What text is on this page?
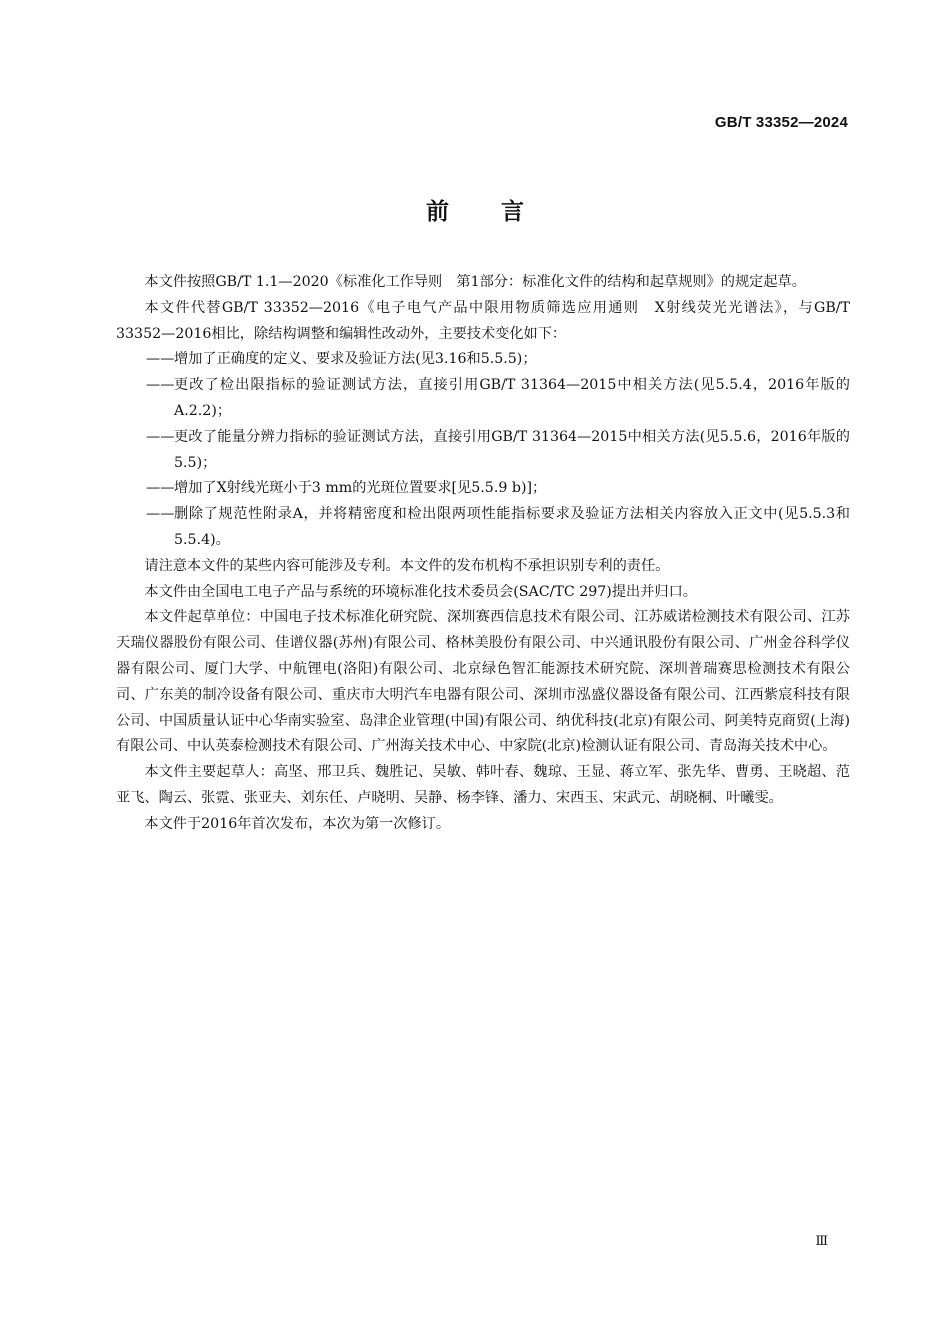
GB/T 33352—2024
前言

本文件按照GB/T 1.1—2020《标准化工作导则　第1部分：标准化文件的结构和起草规则》的规定起草。

本文件代替GB/T 33352—2016《电子电气产品中限用物质筛选应用通则　X射线荧光光谱法》，与GB/T 33352—2016相比，除结构调整和编辑性改动外，主要技术变化如下：

—— 增加了正确度的定义、要求及验证方法(见3.16和5.5.5)；

—— 更改了检出限指标的验证测试方法，直接引用GB/T 31364—2015中相关方法(见5.5.4，2016年版的A.2.2)；

—— 更改了能量分辨力指标的验证测试方法，直接引用GB/T 31364—2015中相关方法(见5.5.6，2016年版的5.5)；

—— 增加了X射线光斑小于3 mm的光斑位置要求[见5.5.9 b)]；

—— 删除了规范性附录A，并将精密度和检出限两项性能指标要求及验证方法相关内容放入正文中(见5.5.3和5.5.4)。

请注意本文件的某些内容可能涉及专利。本文件的发布机构不承担识别专利的责任。

本文件由全国电工电子产品与系统的环境标准化技术委员会(SAC/TC 297)提出并归口。

本文件起草单位：中国电子技术标准化研究院、深圳赛西信息技术有限公司、江苏威诺检测技术有限公司、江苏天瑞仪器股份有限公司、佳谱仪器(苏州)有限公司、格林美股份有限公司、中兴通讯股份有限公司、广州金谷科学仪器有限公司、厦门大学、中航锂电(洛阳)有限公司、北京绿色智汇能源技术研究院、深圳普瑞赛思检测技术有限公司、广东美的制冷设备有限公司、重庆市大明汽车电器有限公司、深圳市泓盛仪器设备有限公司、江西紫宸科技有限公司、中国质量认证中心华南实验室、岛津企业管理(中国)有限公司、纳优科技(北京)有限公司、阿美特克商贸(上海)有限公司、中认英泰检测技术有限公司、广州海关技术中心、中家院(北京)检测认证有限公司、青岛海关技术中心。

本文件主要起草人：高坚、邢卫兵、魏胜记、吴敏、韩叶春、魏琼、王显、蒋立军、张先华、曹勇、王晓超、范亚飞、陶云、张霓、张亚夫、刘东任、卢晓明、吴静、杨李锋、潘力、宋西玉、宋武元、胡晓桐、叶曦雯。

本文件于2016年首次发布，本次为第一次修订。

Ⅲ
